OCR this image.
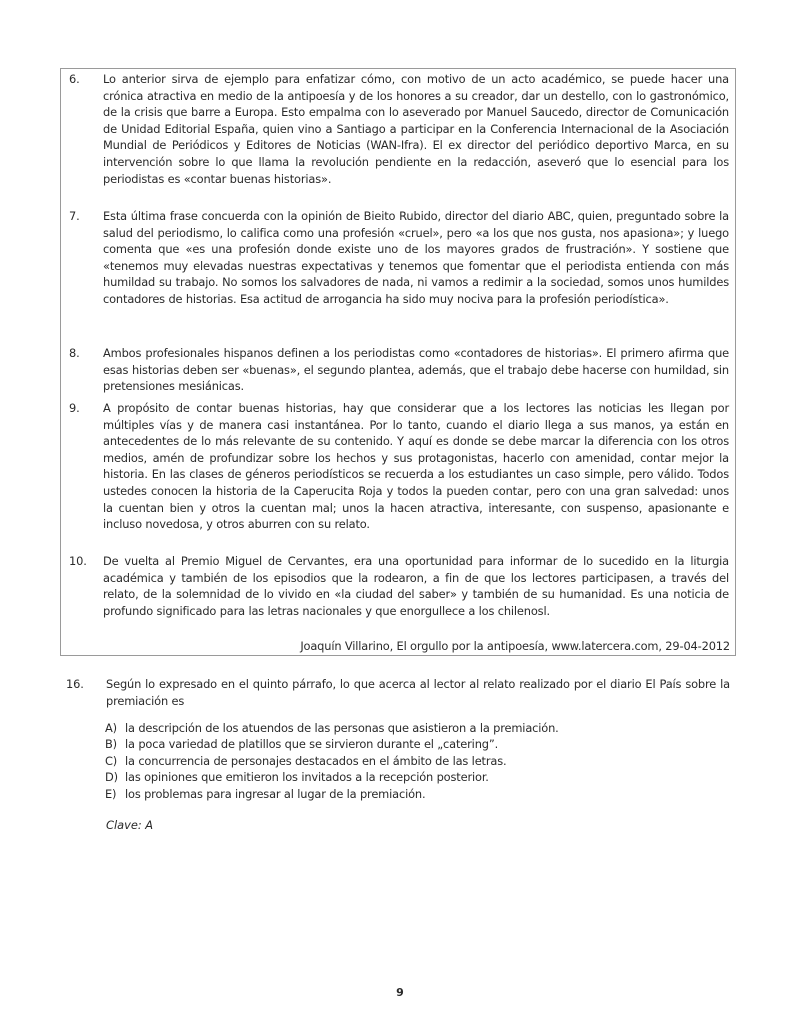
6. Lo anterior sirva de ejemplo para enfatizar cómo, con motivo de un acto académico, se puede hacer una crónica atractiva en medio de la antipoesía y de los honores a su creador, dar un destello, con lo gastronómico, de la crisis que barre a Europa. Esto empalma con lo aseverado por Manuel Saucedo, director de Comunicación de Unidad Editorial España, quien vino a Santiago a participar en la Conferencia Internacional de la Asociación Mundial de Periódicos y Editores de Noticias (WAN-Ifra). El ex director del periódico deportivo Marca, en su intervención sobre lo que llama la revolución pendiente en la redacción, aseveró que lo esencial para los periodistas es «contar buenas historias».
7. Esta última frase concuerda con la opinión de Bieito Rubido, director del diario ABC, quien, preguntado sobre la salud del periodismo, lo califica como una profesión «cruel», pero «a los que nos gusta, nos apasiona»; y luego comenta que «es una profesión donde existe uno de los mayores grados de frustración». Y sostiene que «tenemos muy elevadas nuestras expectativas y tenemos que fomentar que el periodista entienda con más humildad su trabajo. No somos los salvadores de nada, ni vamos a redimir a la sociedad, somos unos humildes contadores de historias. Esa actitud de arrogancia ha sido muy nociva para la profesión periodística».
8. Ambos profesionales hispanos definen a los periodistas como «contadores de historias». El primero afirma que esas historias deben ser «buenas», el segundo plantea, además, que el trabajo debe hacerse con humildad, sin pretensiones mesiánicas.
9. A propósito de contar buenas historias, hay que considerar que a los lectores las noticias les llegan por múltiples vías y de manera casi instantánea. Por lo tanto, cuando el diario llega a sus manos, ya están en antecedentes de lo más relevante de su contenido. Y aquí es donde se debe marcar la diferencia con los otros medios, amén de profundizar sobre los hechos y sus protagonistas, hacerlo con amenidad, contar mejor la historia. En las clases de géneros periodísticos se recuerda a los estudiantes un caso simple, pero válido. Todos ustedes conocen la historia de la Caperucita Roja y todos la pueden contar, pero con una gran salvedad: unos la cuentan bien y otros la cuentan mal; unos la hacen atractiva, interesante, con suspenso, apasionante e incluso novedosa, y otros aburren con su relato.
10. De vuelta al Premio Miguel de Cervantes, era una oportunidad para informar de lo sucedido en la liturgia académica y también de los episodios que la rodearon, a fin de que los lectores participasen, a través del relato, de la solemnidad de lo vivido en «la ciudad del saber» y también de su humanidad. Es una noticia de profundo significado para las letras nacionales y que enorgullece a los chilenosl.
Joaquín Villarino, El orgullo por la antipoesía, www.latercera.com, 29-04-2012
16. Según lo expresado en el quinto párrafo, lo que acerca al lector al relato realizado por el diario El País sobre la premiación es
A) la descripción de los atuendos de las personas que asistieron a la premiación.
B) la poca variedad de platillos que se sirvieron durante el „catering”.
C) la concurrencia de personajes destacados en el ámbito de las letras.
D) las opiniones que emitieron los invitados a la recepción posterior.
E) los problemas para ingresar al lugar de la premiación.
Clave: A
9
